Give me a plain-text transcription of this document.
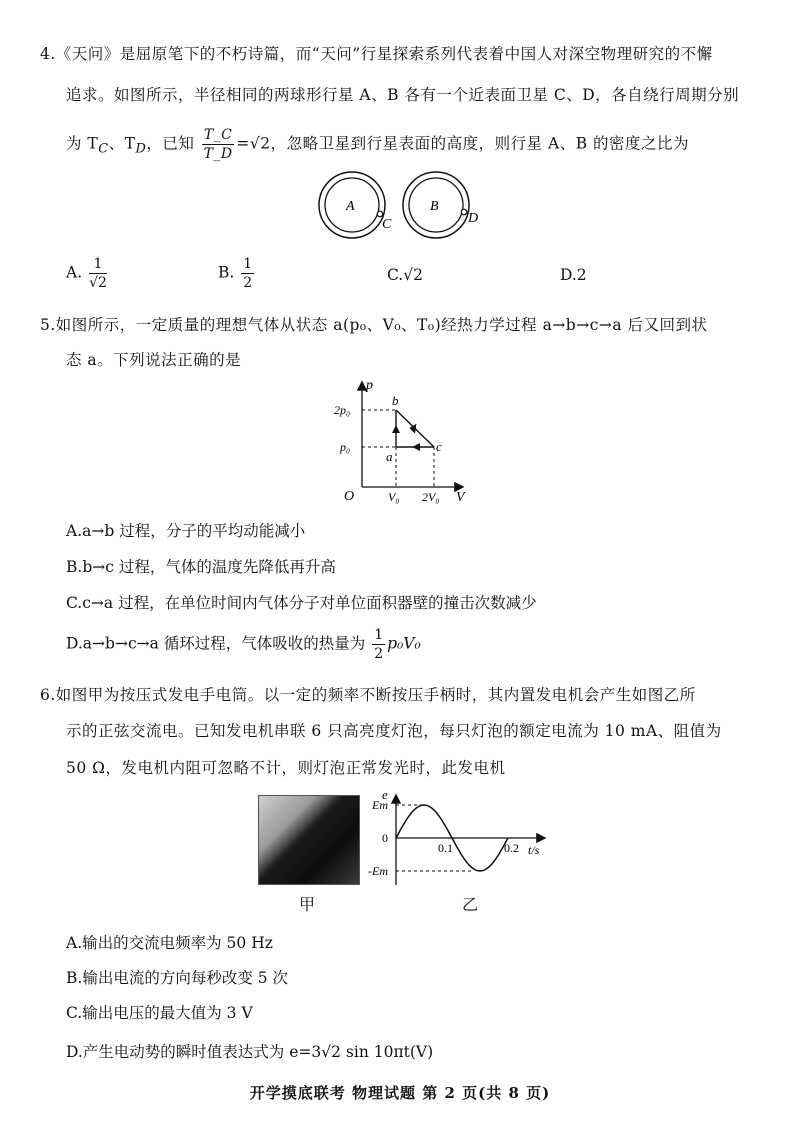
4.《天问》是屈原笔下的不朽诗篇，而“天问”行星探索系列代表着中国人对深空物理研究的不懈
追求。如图所示，半径相同的两球形行星 A、B 各有一个近表面卫星 C、D，各自绕行周期分别
为 $T_C$、$T_D$，已知 $\frac{T\_C}{T\_D} =√2$，忽略卫星到行星表面的高度，则行星 A、B 的密度之比为
A	B
C	D
A. $\frac{1}{√2}$	B. $\frac{1}{2}$	C.√2	D.2
5.如图所示，一定质量的理想气体从状态 a(p₀、V₀、T₀)经热力学过程 a→b→c→a 后又回到状
态 a。下列说法正确的是
p
V
O
2p₀
p₀
V₀ 2V₀
a
b
c
A.a→b 过程，分子的平均动能减小
B.b→c 过程，气体的温度先降低再升高
C.c→a 过程，在单位时间内气体分子对单位面积器壁的撞击次数减少
D.a→b→c→a 循环过程，气体吸收的热量为 $\frac{1}{2} p_0V_0$
6.如图甲为按压式发电手电筒。以一定的频率不断按压手柄时，其内置发电机会产生如图乙所
示的正弦交流电。已知发电机串联 6 只高亮度灯泡，每只灯泡的额定电流为 10 mA、阻值为
50 Ω，发电机内阻可忽略不计，则灯泡正常发光时，此发电机
甲
e
t/s
Em
-Em
0
0.1	0.2
乙
A.输出的交流电频率为 50 Hz
B.输出电流的方向每秒改变 5 次
C.输出电压的最大值为 3 V
D.产生电动势的瞬时值表达式为 e=3√2 sin 10πt(V)
开学摸底联考 物理试题 第 2 页(共 8 页)
